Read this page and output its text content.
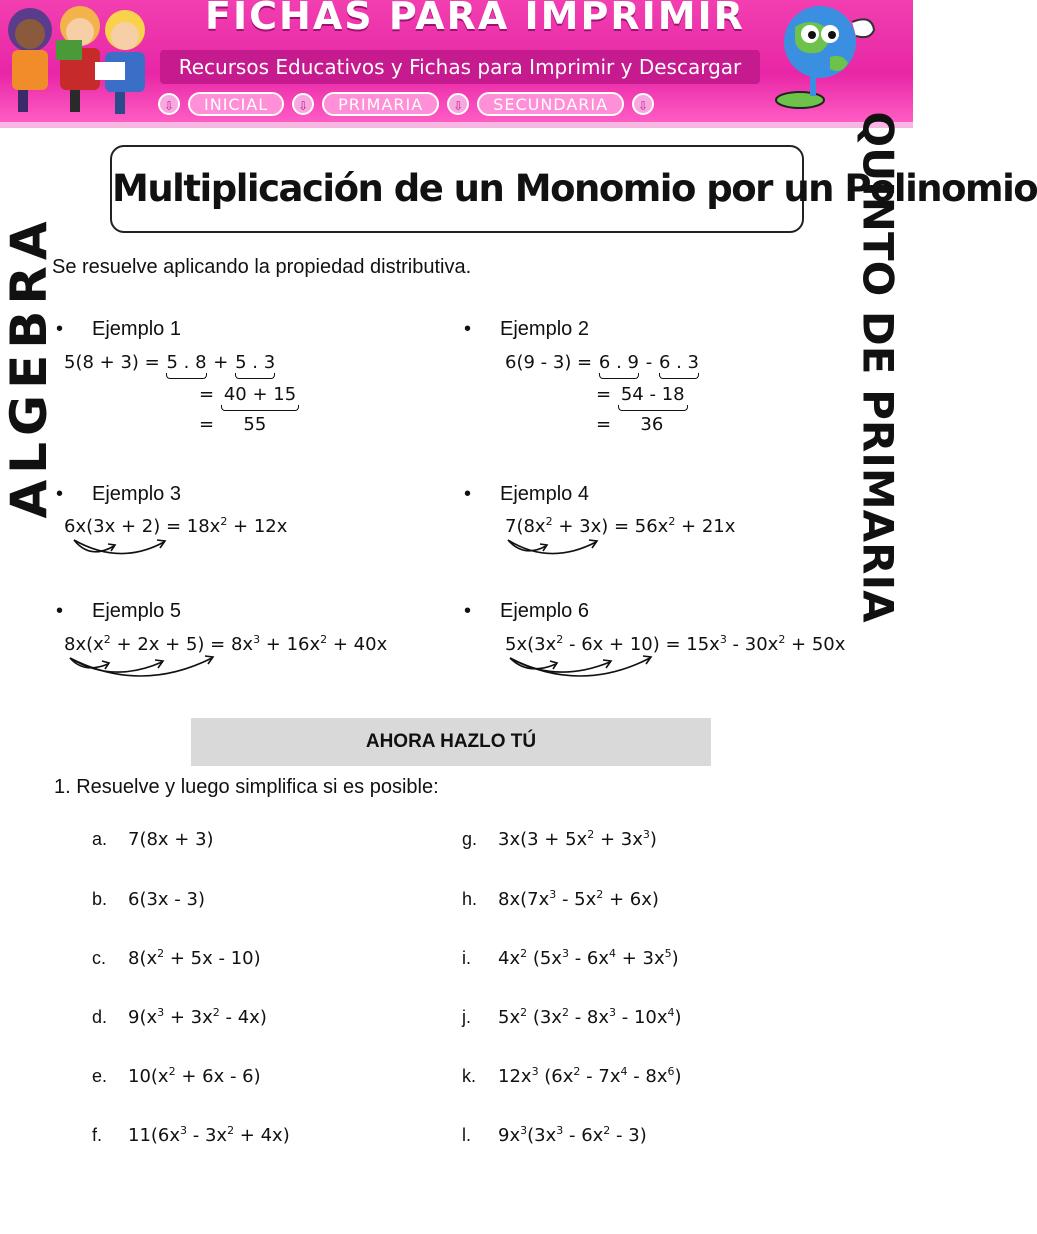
FICHAS PARA IMPRIMIR
Recursos Educativos y Fichas para Imprimir y Descargar
⇩	INICIAL	⇩	PRIMARIA	⇩	SECUNDARIA	⇩
ALGEBRA	QUINTO DE PRIMARIA
Multiplicación de un Monomio por un Polinomio
Se resuelve aplicando la propiedad distributiva.
• Ejemplo 1
5(8 + 3) = 5 . 8 + 5 . 3
= 40 + 15
= 55
• Ejemplo 2
6(9 - 3) = 6 . 9 - 6 . 3
= 54 - 18
= 36
• Ejemplo 3
$6x(3x + 2) = 18x^2 + 12x$
• Ejemplo 4
$7(8x^2 + 3x) = 56x^2 + 21x$
• Ejemplo 5
$8x(x^2 + 2x + 5) = 8x^3 + 16x^2 + 40x$
• Ejemplo 6
$5x(3x^2 - 6x + 10) = 15x^3 - 30x^2 + 50x$
AHORA HAZLO TÚ
1. Resuelve y luego simplifica si es posible:
a. 7(8x + 3)
b. 6(3x - 3)
c. $8(x^2 + 5x - 10)$
d. $9(x^3 + 3x^2 - 4x)$
e. $10(x^2 + 6x - 6)$
f. $11(6x^3 - 3x^2 + 4x)$
g. $3x(3 + 5x^2 + 3x^3)$
h. $8x(7x^3 - 5x^2 + 6x)$
i. $4x^2$ $(5x^3 - 6x^4 + 3x^5)$
j. $5x^2$ $(3x^2 - 8x^3 - 10x^4)$
k. $12x^3$ $(6x^2 - 7x^4 - 8x^6)$
l. $9x^3(3x^3 - 6x^2 - 3)$
